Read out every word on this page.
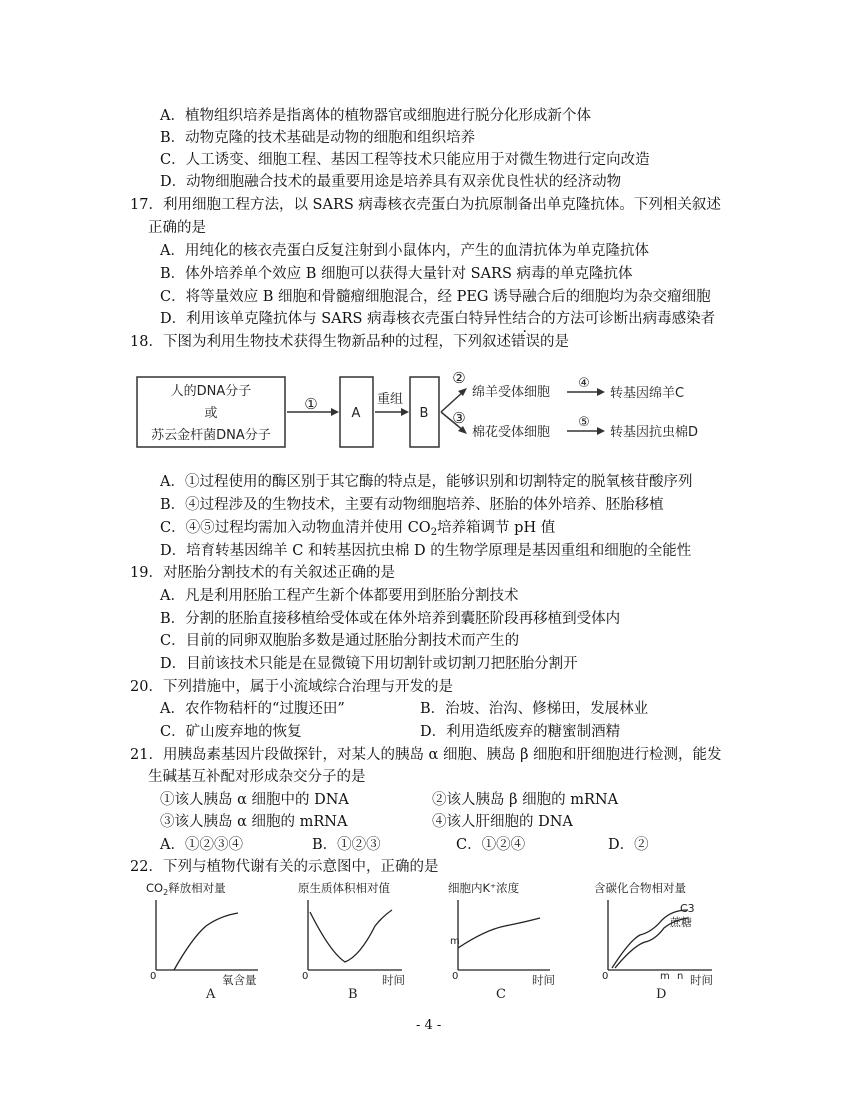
A．植物组织培养是指离体的植物器官或细胞进行脱分化形成新个体
B．动物克隆的技术基础是动物的细胞和组织培养
C．人工诱变、细胞工程、基因工程等技术只能应用于对微生物进行定向改造
D．动物细胞融合技术的最重要用途是培养具有双亲优良性状的经济动物
17．利用细胞工程方法，以 SARS 病毒核衣壳蛋白为抗原制备出单克隆抗体。下列相关叙述
正确的是
A．用纯化的核衣壳蛋白反复注射到小鼠体内，产生的血清抗体为单克隆抗体
B．体外培养单个效应 B 细胞可以获得大量针对 SARS 病毒的单克隆抗体
C．将等量效应 B 细胞和骨髓瘤细胞混合，经 PEG 诱导融合后的细胞均为杂交瘤细胞
D．利用该单克隆抗体与 SARS 病毒核衣壳蛋白特异性结合的方法可诊断出病毒感染者
18．下图为利用生物技术获得生物新品种的过程，下列叙述错误的是
人的DNA分子
或
苏云金杆菌DNA分子
①
A
重组
B
②
③
绵羊受体细胞
棉花受体细胞
④
⑤
转基因绵羊C
转基因抗虫棉D
A．①过程使用的酶区别于其它酶的特点是，能够识别和切割特定的脱氧核苷酸序列
B．④过程涉及的生物技术，主要有动物细胞培养、胚胎的体外培养、胚胎移植
C．④⑤过程均需加入动物血清并使用 $CO_2$培养箱调节 pH 值
D．培育转基因绵羊 C 和转基因抗虫棉 D 的生物学原理是基因重组和细胞的全能性
19．对胚胎分割技术的有关叙述正确的是
A．凡是利用胚胎工程产生新个体都要用到胚胎分割技术
B．分割的胚胎直接移植给受体或在体外培养到囊胚阶段再移植到受体内
C．目前的同卵双胞胎多数是通过胚胎分割技术而产生的
D．目前该技术只能是在显微镜下用切割针或切割刀把胚胎分割开
20．下列措施中，属于小流域综合治理与开发的是
A．农作物秸杆的“过腹还田”	B．治坡、治沟、修梯田，发展林业
C．矿山废弃地的恢复	D．利用造纸废弃的糖蜜制酒精
21．用胰岛素基因片段做探针，对某人的胰岛 α 细胞、胰岛 β 细胞和肝细胞进行检测，能发
生碱基互补配对形成杂交分子的是
①该人胰岛 α 细胞中的 DNA	②该人胰岛 β 细胞的 mRNA
③该人胰岛 α 细胞的 mRNA	④该人肝细胞的 DNA
A．①②③④	B．①②③	C．①②④	D．②
22．下列与植物代谢有关的示意图中，正确的是
$CO_2$释放相对量
0	氧含量
A
原生质体积相对值
0	时间
B
细胞内K⁺浓度
m
0	时间
C
含碳化合物相对量
C3
蔗糖
0	m n 时间
D
- 4 -
